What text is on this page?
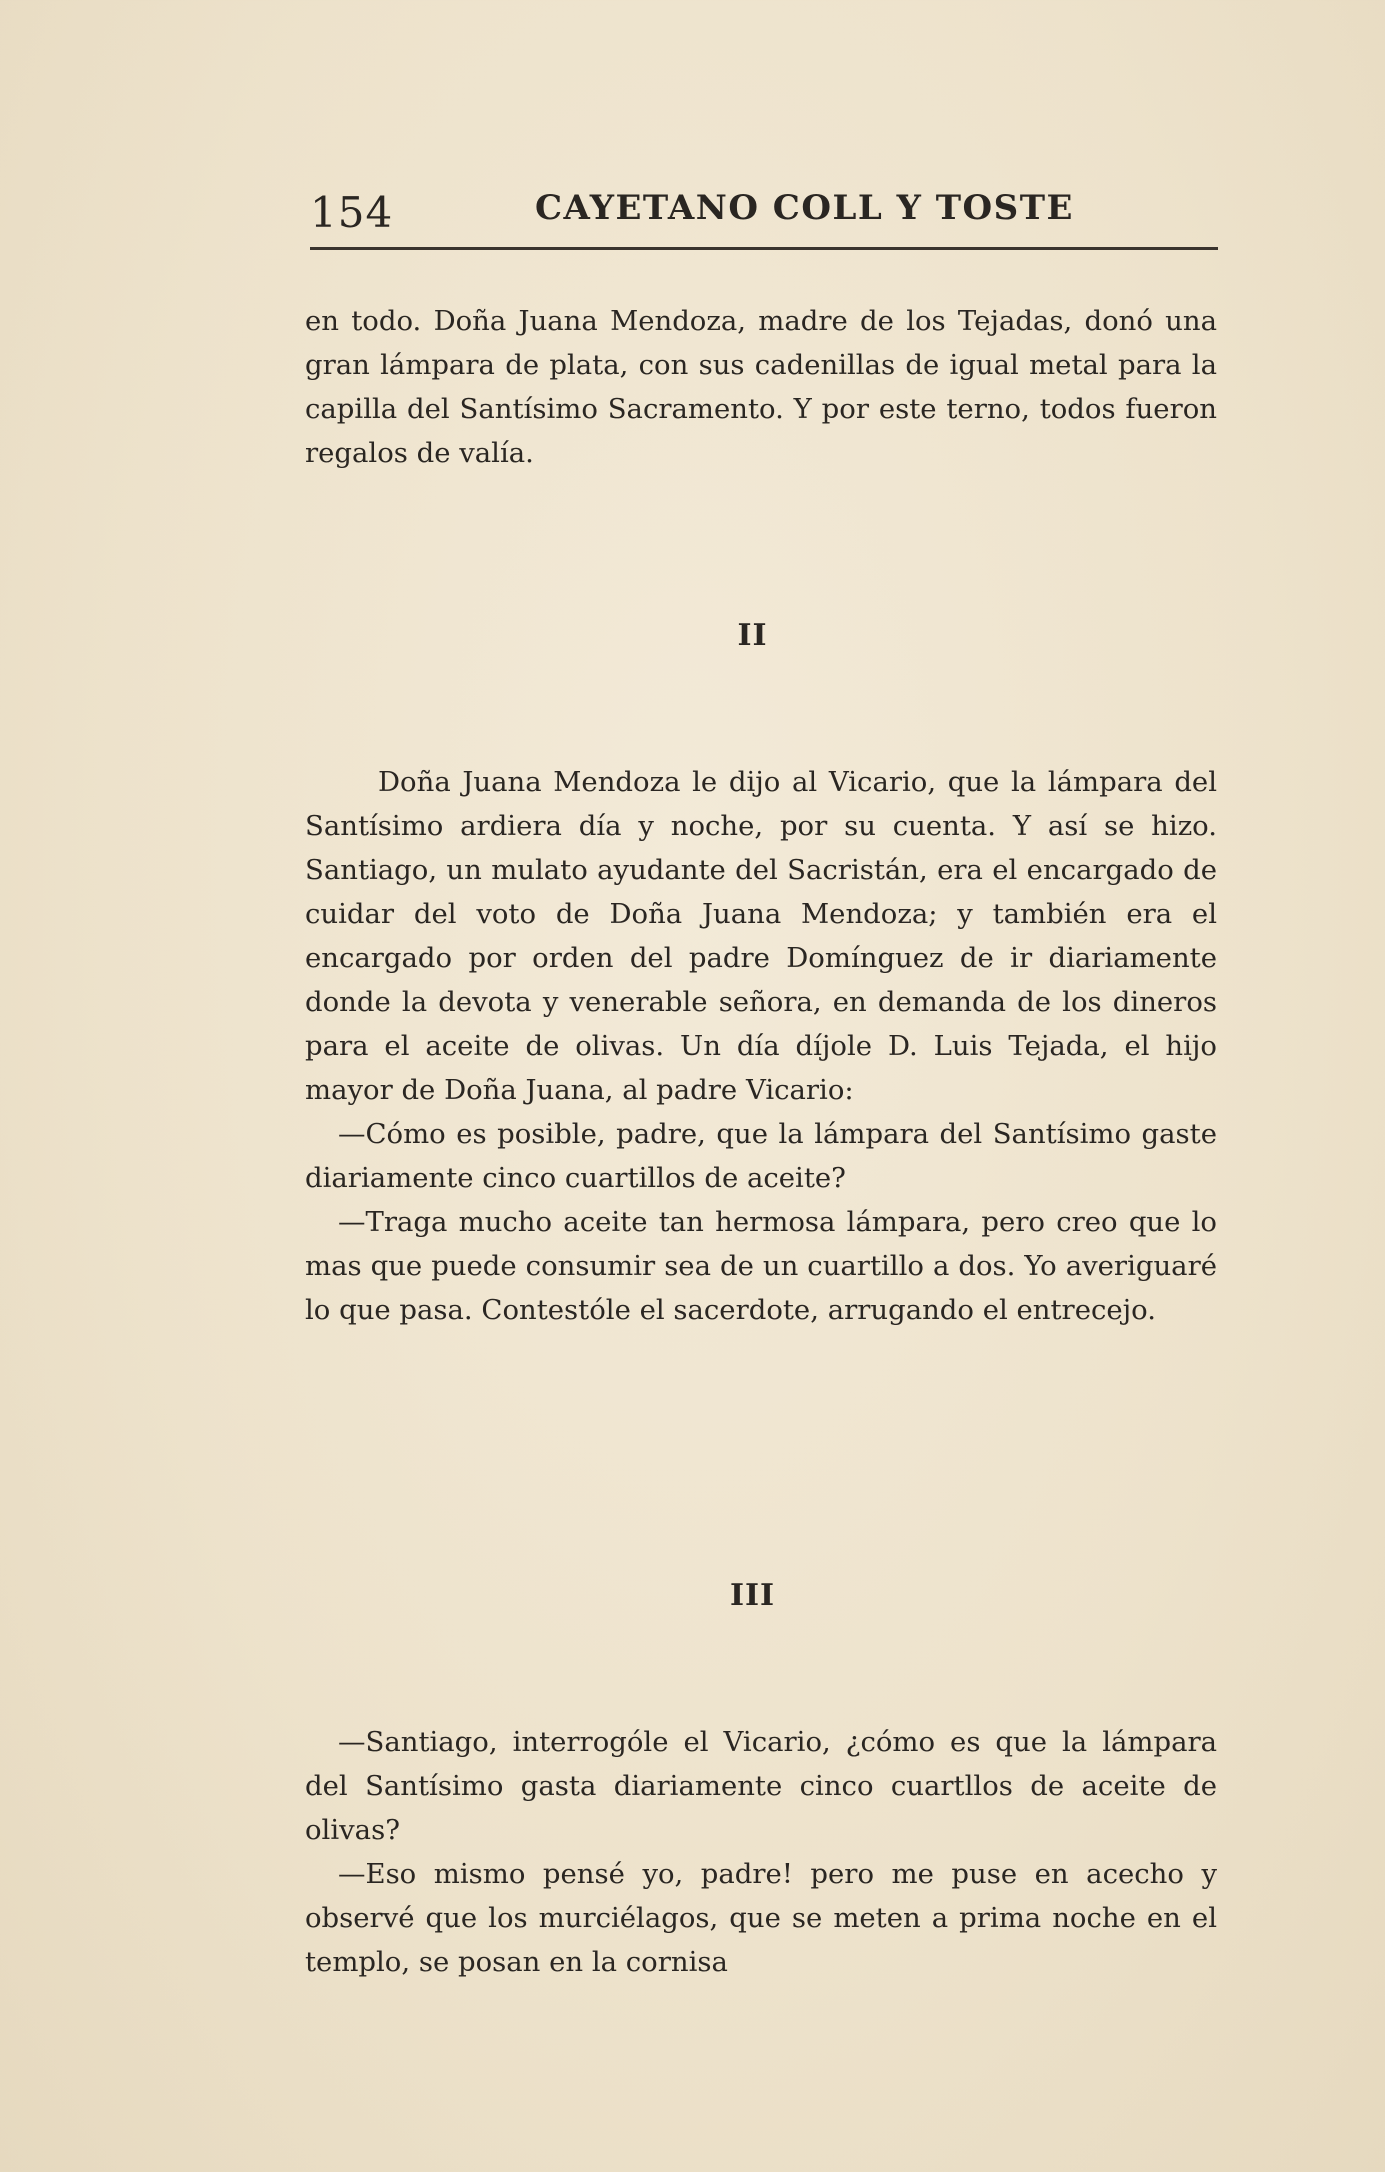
154	CAYETANO COLL Y TOSTE

en todo. Doña Juana Mendoza, madre de los Tejadas, donó una gran lámpara de plata, con sus cadenillas de igual metal para la capilla del Santísimo Sacramento. Y por este terno, todos fueron regalos de valía.

II

Doña Juana Mendoza le dijo al Vicario, que la lámpara del Santísimo ardiera día y noche, por su cuenta. Y así se hizo. Santiago, un mulato ayudante del Sacristán, era el encargado de cuidar del voto de Doña Juana Mendoza; y también era el encargado por orden del padre Domínguez de ir diariamente donde la devota y venerable señora, en demanda de los dineros para el aceite de olivas. Un día díjole D. Luis Tejada, el hijo mayor de Doña Juana, al padre Vicario:

—Cómo es posible, padre, que la lámpara del Santísimo gaste diariamente cinco cuartillos de aceite?

—Traga mucho aceite tan hermosa lámpara, pero creo que lo mas que puede consumir sea de un cuartillo a dos. Yo averiguaré lo que pasa. Contestóle el sacerdote, arrugando el entrecejo.

III

—Santiago, interrogóle el Vicario, ¿cómo es que la lámpara del Santísimo gasta diariamente cinco cuartllos de aceite de olivas?

—Eso mismo pensé yo, padre! pero me puse en acecho y observé que los murciélagos, que se meten a prima noche en el templo, se posan en la cornisa
